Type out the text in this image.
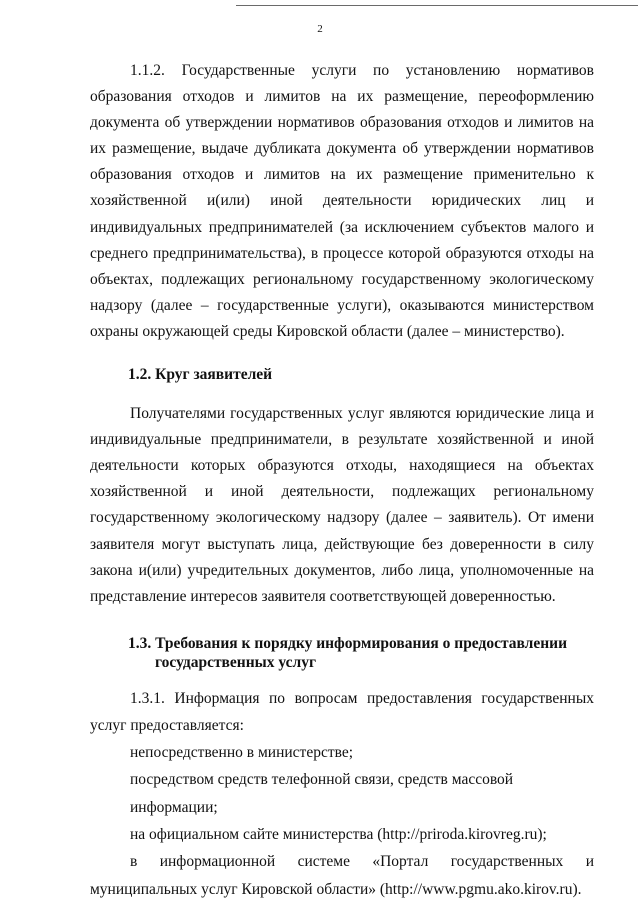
2

1.1.2. Государственные услуги по установлению нормативов образования отходов и лимитов на их размещение, переоформлению документа об утверждении нормативов образования отходов и лимитов на их размещение, выдаче дубликата документа об утверждении нормативов образования отходов и лимитов на их размещение применительно к хозяйственной и(или) иной деятельности юридических лиц и индивидуальных предпринимателей (за исключением субъектов малого и среднего предпринимательства), в процессе которой образуются отходы на объектах, подлежащих региональному государственному экологическому надзору (далее – государственные услуги), оказываются министерством охраны окружающей среды Кировской области (далее – министерство).

1.2. Круг заявителей

Получателями государственных услуг являются юридические лица и индивидуальные предприниматели, в результате хозяйственной и иной деятельности которых образуются отходы, находящиеся на объектах хозяйственной и иной деятельности, подлежащих региональному государственному экологическому надзору (далее – заявитель). От имени заявителя могут выступать лица, действующие без доверенности в силу закона и(или) учредительных документов, либо лица, уполномоченные на представление интересов заявителя соответствующей доверенностью.

1.3. Требования к порядку информирования о предоставлении
государственных услуг

1.3.1. Информация по вопросам предоставления государственных услуг предоставляется:

непосредственно в министерстве;

посредством средств телефонной связи, средств массовой информации;

на официальном сайте министерства (http://priroda.kirovreg.ru);

в информационной системе «Портал государственных и муниципальных услуг Кировской области» (http://www.pgmu.ako.kirov.ru).
